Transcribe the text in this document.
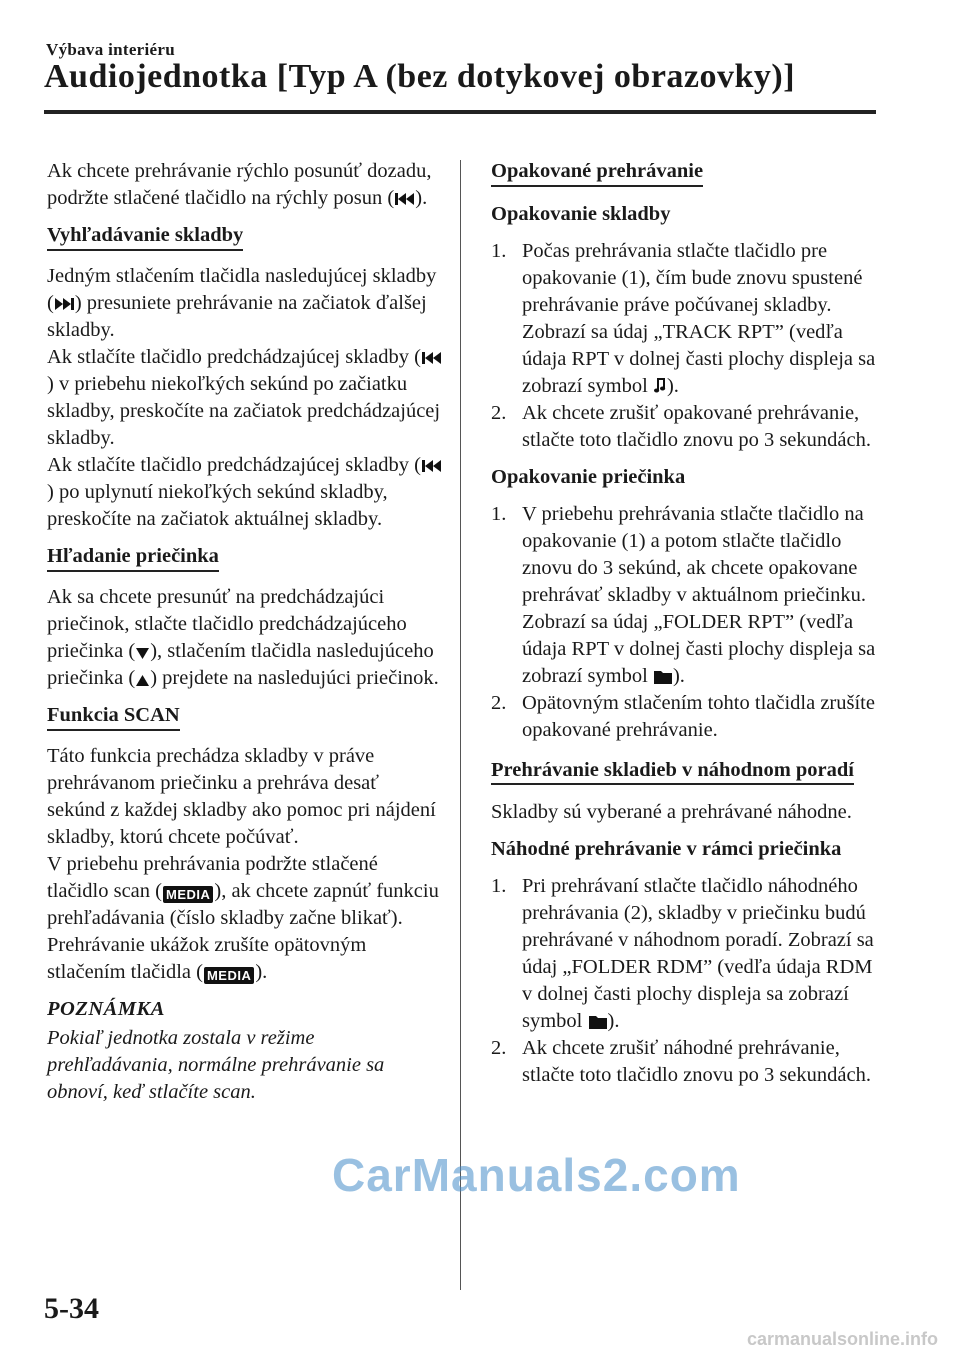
Výbava interiéru
Audiojednotka [Typ A (bez dotykovej obrazovky)]

Ak chcete prehrávanie rýchlo posunúť dozadu, podržte stlačené tlačidlo na rýchly posun ( ).

Vyhľadávanie skladby

Jedným stlačením tlačidla nasledujúcej skladby ( ) presuniete prehrávanie na začiatok ďalšej skladby.

Ak stlačíte tlačidlo predchádzajúcej skladby (
) v priebehu niekoľkých sekúnd po začiatku skladby, preskočíte na začiatok predchádzajúcej skladby.

Ak stlačíte tlačidlo predchádzajúcej skladby (
) po uplynutí niekoľkých sekúnd skladby, preskočíte na začiatok aktuálnej skladby.

Hľadanie priečinka

Ak sa chcete presunúť na predchádzajúci priečinok, stlačte tlačidlo predchádzajúceho priečinka ( ), stlačením tlačidla nasledujúceho priečinka ( ) prejdete na nasledujúci priečinok.

Funkcia SCAN

Táto funkcia prechádza skladby v práve prehrávanom priečinku a prehráva desať sekúnd z každej skladby ako pomoc pri nájdení skladby, ktorú chcete počúvať.

V priebehu prehrávania podržte stlačené tlačidlo scan ( MEDIA ), ak chcete zapnúť funkciu prehľadávania (číslo skladby začne blikať). Prehrávanie ukážok zrušíte opätovným stlačením tlačidla ( MEDIA ).

POZNÁMKA

Pokiaľ jednotka zostala v režime prehľadávania, normálne prehrávanie sa obnoví, keď stlačíte scan.

Opakované prehrávanie
Opakovanie skladby
1. Počas prehrávania stlačte tlačidlo pre opakovanie (1), čím bude znovu spustené prehrávanie práve počúvanej skladby. Zobrazí sa údaj „TRACK RPT” (vedľa údaja RPT v dolnej časti plochy displeja sa zobrazí symbol
).
2. Ak chcete zrušiť opakované prehrávanie, stlačte toto tlačidlo znovu po 3 sekundách.
Opakovanie priečinka
1. V priebehu prehrávania stlačte tlačidlo na opakovanie (1) a potom stlačte tlačidlo znovu do 3 sekúnd, ak chcete opakovane prehrávať skladby v aktuálnom priečinku. Zobrazí sa údaj „FOLDER RPT” (vedľa údaja RPT v dolnej časti plochy displeja sa zobrazí symbol
).
2. Opätovným stlačením tohto tlačidla zrušíte opakované prehrávanie.
Prehrávanie skladieb v náhodnom poradí

Skladby sú vyberané a prehrávané náhodne.

Náhodné prehrávanie v rámci priečinka
1. Pri prehrávaní stlačte tlačidlo náhodného prehrávania (2), skladby v priečinku budú prehrávané v náhodnom poradí. Zobrazí sa údaj „FOLDER RDM” (vedľa údaja RDM v dolnej časti plochy displeja sa zobrazí symbol
).
2. Ak chcete zrušiť náhodné prehrávanie, stlačte toto tlačidlo znovu po 3 sekundách.
CarManuals2.com
5-34
carmanualsonline.info
